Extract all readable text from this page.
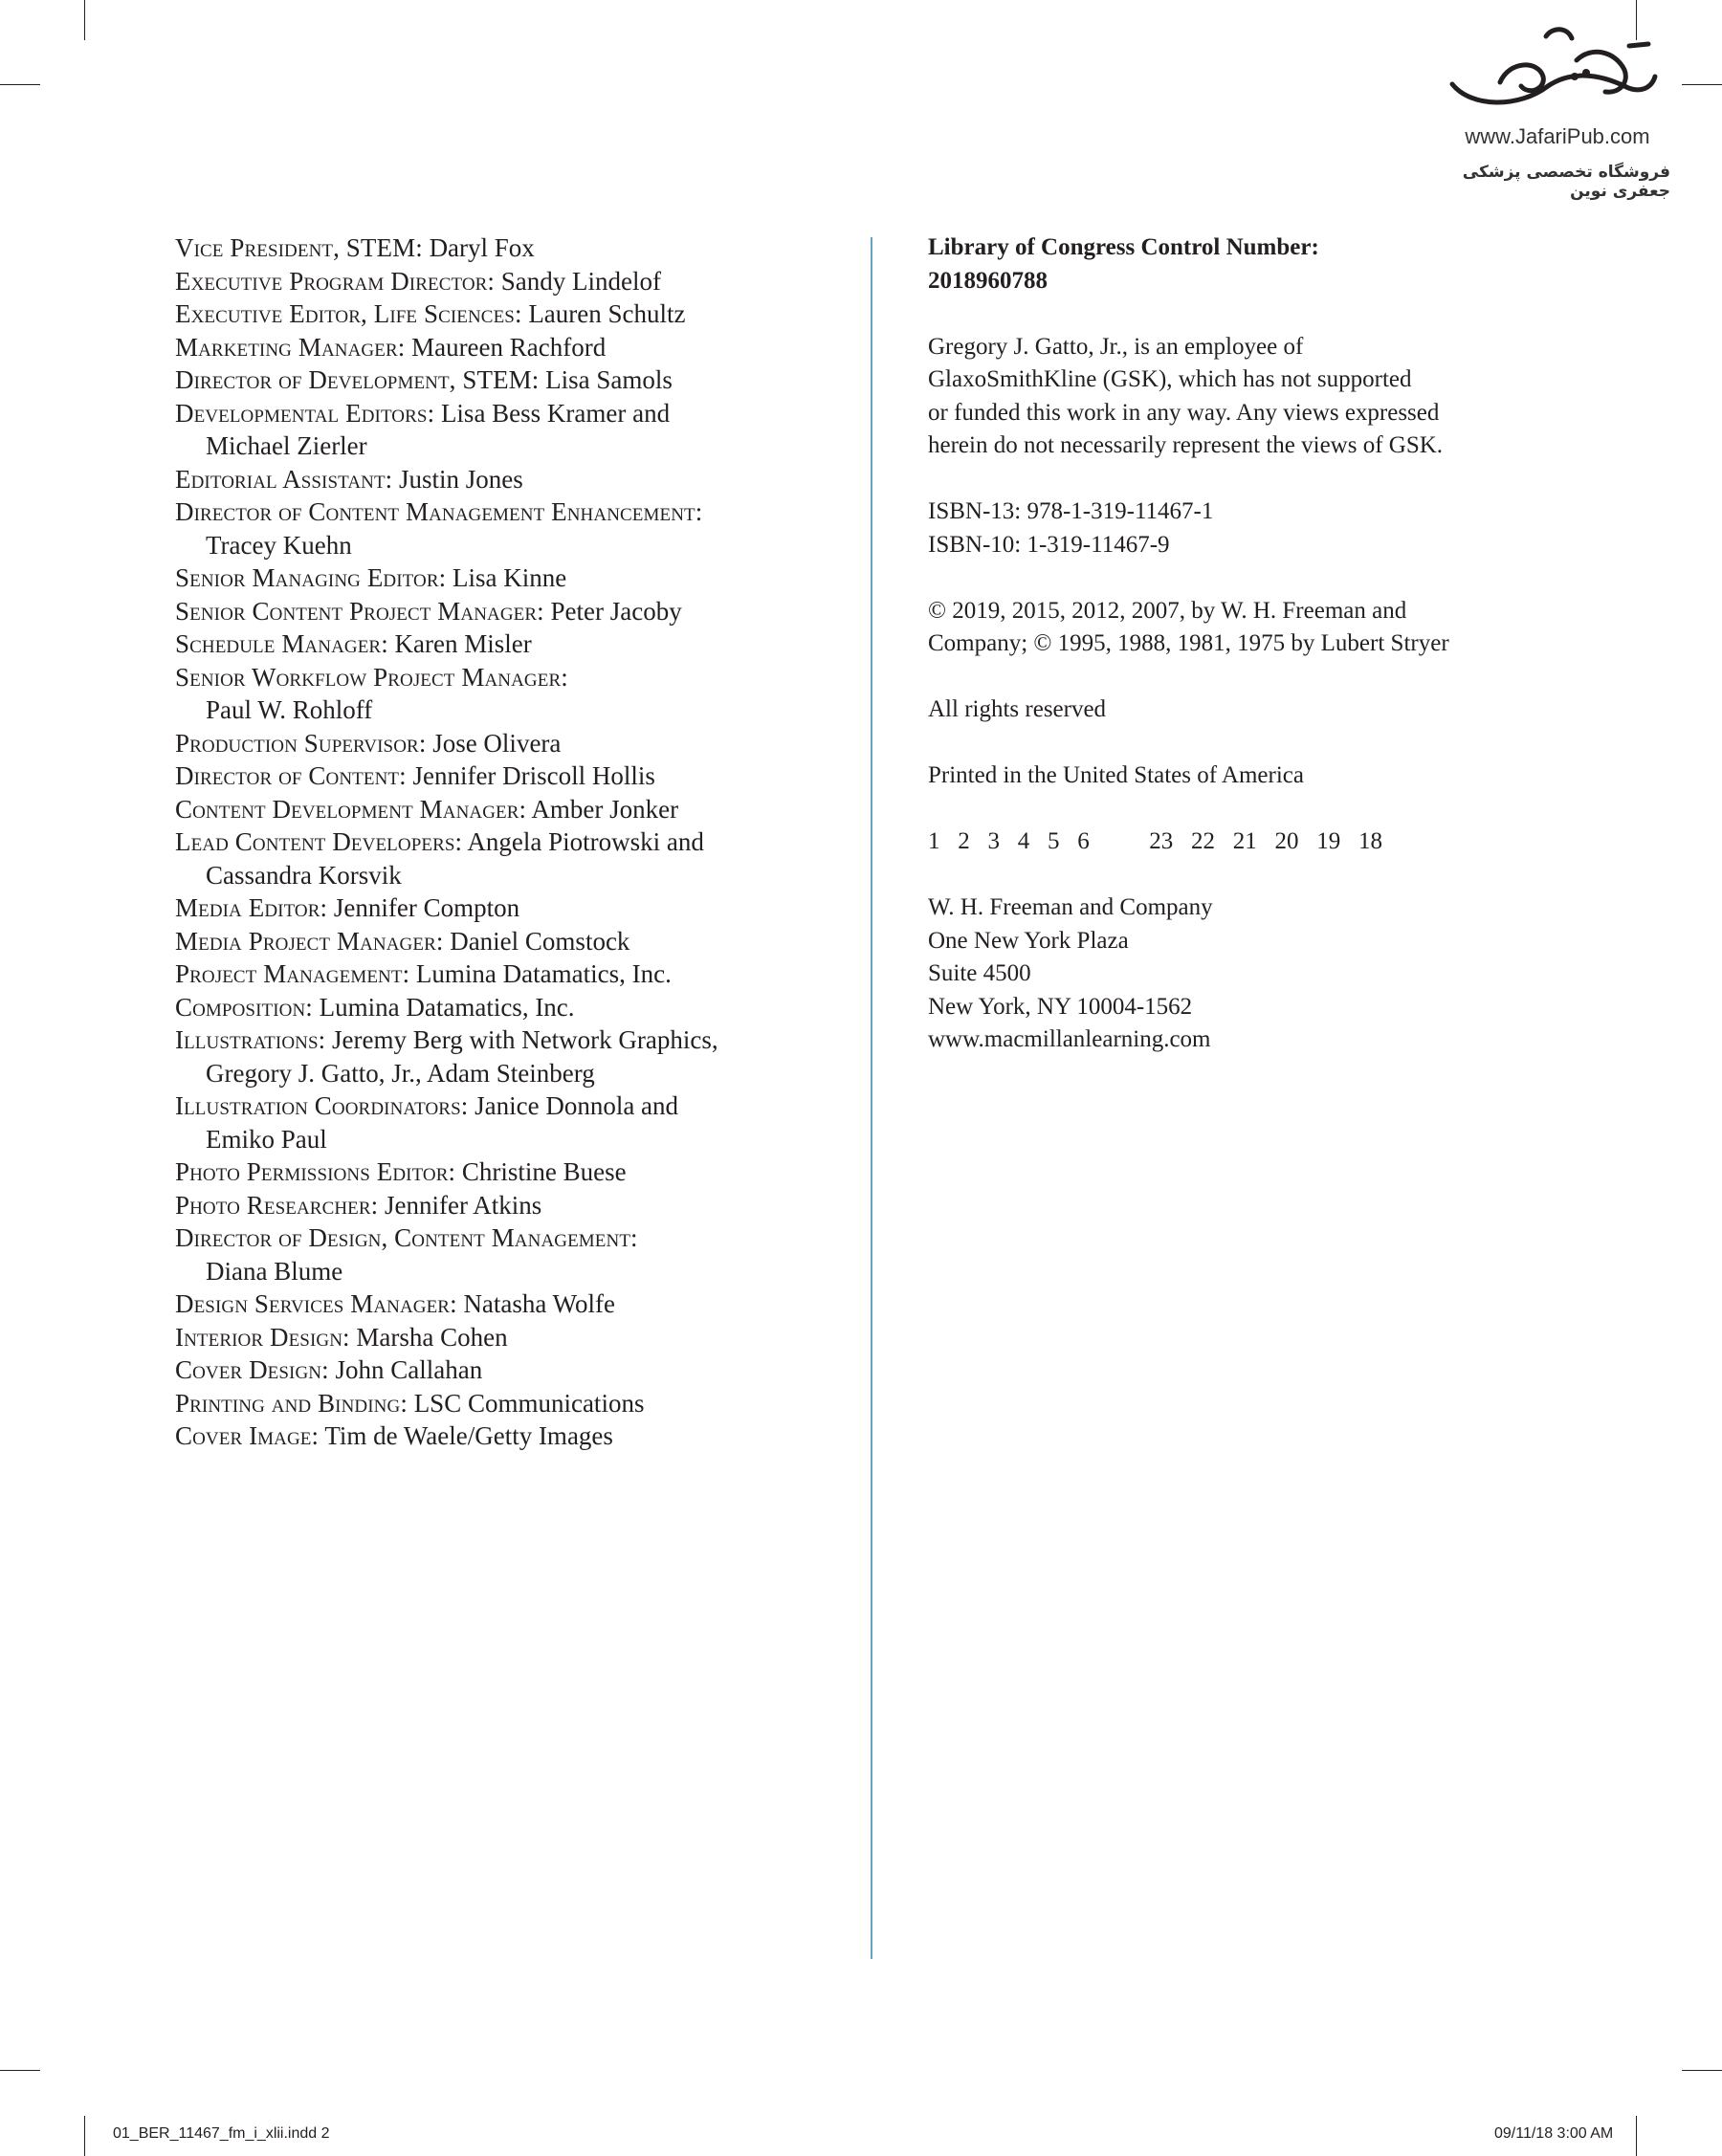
www.JafariPub.com
فروشگاه تخصصی پزشکی جعفری نوین
Vice President, STEM: Daryl Fox
Executive Program Director: Sandy Lindelof
Executive Editor, Life Sciences: Lauren Schultz
Marketing Manager: Maureen Rachford
Director of Development, STEM: Lisa Samols
Developmental Editors: Lisa Bess Kramer and
Michael Zierler
Editorial Assistant: Justin Jones
Director of Content Management Enhancement:
Tracey Kuehn
Senior Managing Editor: Lisa Kinne
Senior Content Project Manager: Peter Jacoby
Schedule Manager: Karen Misler
Senior Workflow Project Manager:
Paul W. Rohloff
Production Supervisor: Jose Olivera
Director of Content: Jennifer Driscoll Hollis
Content Development Manager: Amber Jonker
Lead Content Developers: Angela Piotrowski and
Cassandra Korsvik
Media Editor: Jennifer Compton
Media Project Manager: Daniel Comstock
Project Management: Lumina Datamatics, Inc.
Composition: Lumina Datamatics, Inc.
Illustrations: Jeremy Berg with Network Graphics,
Gregory J. Gatto, Jr., Adam Steinberg
Illustration Coordinators: Janice Donnola and
Emiko Paul
Photo Permissions Editor: Christine Buese
Photo Researcher: Jennifer Atkins
Director of Design, Content Management:
Diana Blume
Design Services Manager: Natasha Wolfe
Interior Design: Marsha Cohen
Cover Design: John Callahan
Printing and Binding: LSC Communications
Cover Image: Tim de Waele/Getty Images

Library of Congress Control Number:
2018960788

Gregory J. Gatto, Jr., is an employee of
GlaxoSmithKline (GSK), which has not supported
or funded this work in any way. Any views expressed
herein do not necessarily represent the views of GSK.

ISBN-13: 978-1-319-11467-1
ISBN-10: 1-319-11467-9

© 2019, 2015, 2012, 2007, by W. H. Freeman and
Company; © 1995, 1988, 1981, 1975 by Lubert Stryer

All rights reserved

Printed in the United States of America

1   2   3   4   5   6          23   22   21   20   19   18

W. H. Freeman and Company
One New York Plaza
Suite 4500
New York, NY 10004-1562
www.macmillanlearning.com

01_BER_11467_fm_i_xlii.indd 2	09/11/18 3:00 AM
